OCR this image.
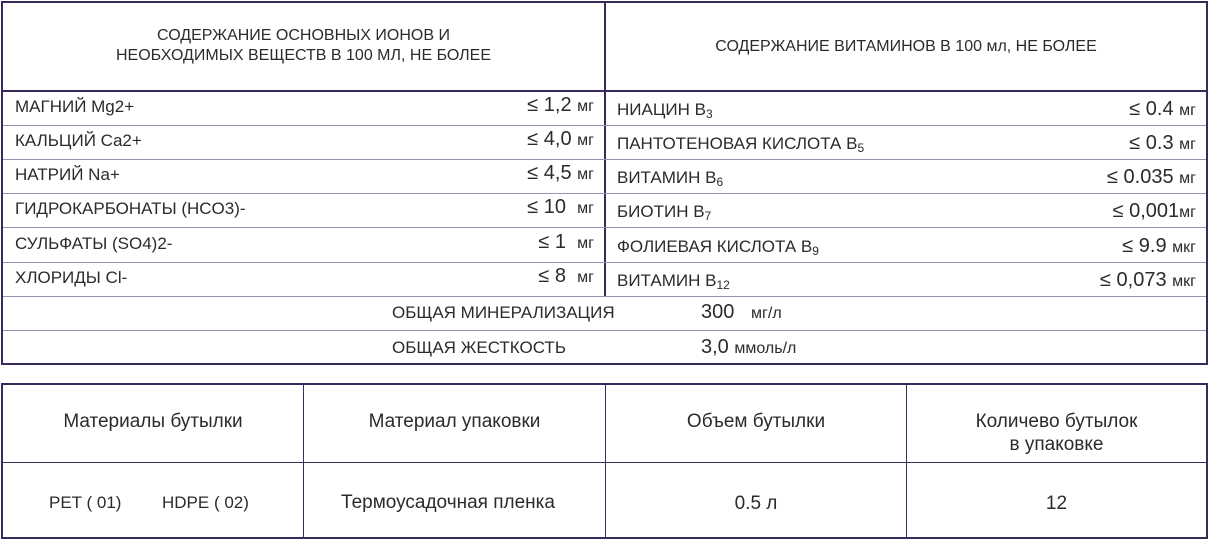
СОДЕРЖАНИЕ ОСНОВНЫХ ИОНОВ И
НЕОБХОДИМЫХ ВЕЩЕСТВ В 100 МЛ, НЕ БОЛЕЕ
СОДЕРЖАНИЕ ВИТАМИНОВ В 100 мл, НЕ БОЛЕЕ
МАГНИЙ Mg2+	≤ 1,2 мг
КАЛЬЦИЙ Ca2+	≤ 4,0 мг
НАТРИЙ Na+	≤ 4,5 мг
ГИДРОКАРБОНАТЫ (HCO3)-	≤ 10 мг
СУЛЬФАТЫ (SO4)2-	≤ 1 мг
ХЛОРИДЫ Cl-	≤ 8 мг
НИАЦИН $B_3$	≤ 0.4 мг
ПАНТОТЕНОВАЯ КИСЛОТА $B_5$	≤ 0.3 мг
ВИТАМИН $B_6$	≤ 0.035 мг
БИОТИН $B_7$	≤ 0,001мг
ФОЛИЕВАЯ КИСЛОТА $B_9$	≤ 9.9 мкг
ВИТАМИН $B_{12}$	≤ 0,073 мкг
ОБЩАЯ МИНЕРАЛИЗАЦИЯ	300 мг/л
ОБЩАЯ ЖЕСТКОСТЬ	3,0 ммоль/л
Материалы бутылки	Материал упаковки	Объем бутылки	Количевo бутылок
в упаковке
PET ( 01) HDPE ( 02)	Термоусадочная пленка	0.5 л	12
